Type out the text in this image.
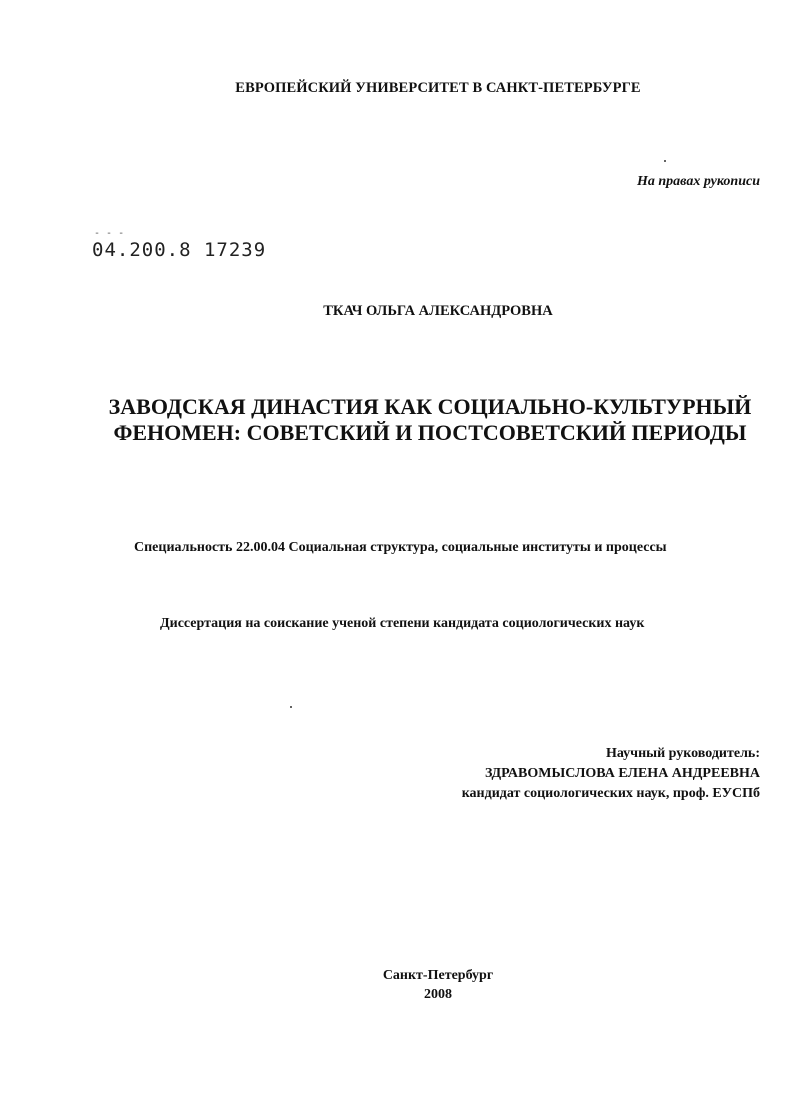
ЕВРОПЕЙСКИЙ УНИВЕРСИТЕТ В САНКТ-ПЕТЕРБУРГЕ
На правах рукописи
- - -
04.200.8 17239
ТКАЧ ОЛЬГА АЛЕКСАНДРОВНА
ЗАВОДСКАЯ ДИНАСТИЯ КАК СОЦИАЛЬНО-КУЛЬТУРНЫЙ
ФЕНОМЕН: СОВЕТСКИЙ И ПОСТСОВЕТСКИЙ ПЕРИОДЫ
Специальность 22.00.04 Социальная структура, социальные институты и процессы
Диссертация на соискание ученой степени кандидата социологических наук
Научный руководитель:
ЗДРАВОМЫСЛОВА ЕЛЕНА АНДРЕЕВНА
кандидат социологических наук, проф. ЕУСПб
Санкт-Петербург
2008
